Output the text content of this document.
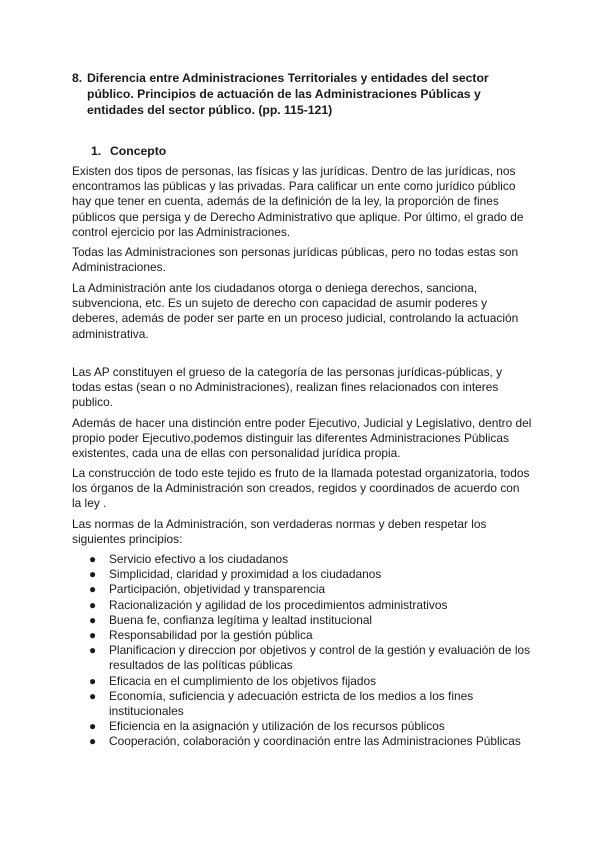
8. Diferencia entre Administraciones Territoriales y entidades del sector público. Principios de actuación de las Administraciones Públicas y entidades del sector público. (pp. 115-121)
1. Concepto
Existen dos tipos de personas, las físicas y las jurídicas. Dentro de las jurídicas, nos encontramos las públicas y las privadas. Para calificar un ente como jurídico público hay que tener en cuenta, además de la definición de la ley, la proporción de fines públicos que persiga y de Derecho Administrativo que aplique. Por último, el grado de control ejercicio por las Administraciones.
Todas las Administraciones son personas jurídicas públicas, pero no todas estas son Administraciones.
La Administración ante los ciudadanos otorga o deniega derechos, sanciona, subvenciona, etc. Es un sujeto de derecho con capacidad de asumir poderes y deberes, además de poder ser parte en un proceso judicial, controlando la actuación administrativa.
Las AP constituyen el grueso de la categoría de las personas jurídicas-públicas, y todas estas (sean o no Administraciones), realizan fines relacionados con interes publico.
Además de hacer una distinción entre poder Ejecutivo, Judicial y Legislativo, dentro del propio poder Ejecutivo,podemos distinguir las diferentes Administraciones Públicas existentes, cada una de ellas con personalidad jurídica propia.
La construcción de todo este tejido es fruto de la llamada potestad organizatoria, todos los órganos de la Administración son creados, regidos y coordinados de acuerdo con la ley .
Las normas de la Administración, son verdaderas normas y deben respetar los siguientes principios:
● Servicio efectivo a los ciudadanos
● Simplicidad, claridad y proximidad a los ciudadanos
● Participación, objetividad y transparencia
● Racionalización y agilidad de los procedimientos administrativos
● Buena fe, confianza legítima y lealtad institucional
● Responsabilidad por la gestión pública
● Planificacion y direccion por objetivos y control de la gestión y evaluación de los resultados de las políticas públicas
● Eficacia en el cumplimiento de los objetivos fijados
● Economía, suficiencia y adecuación estricta de los medios a los fines institucionales
● Eficiencia en la asignación y utilización de los recursos públicos
● Cooperación, colaboración y coordinación entre las Administraciones Públicas
